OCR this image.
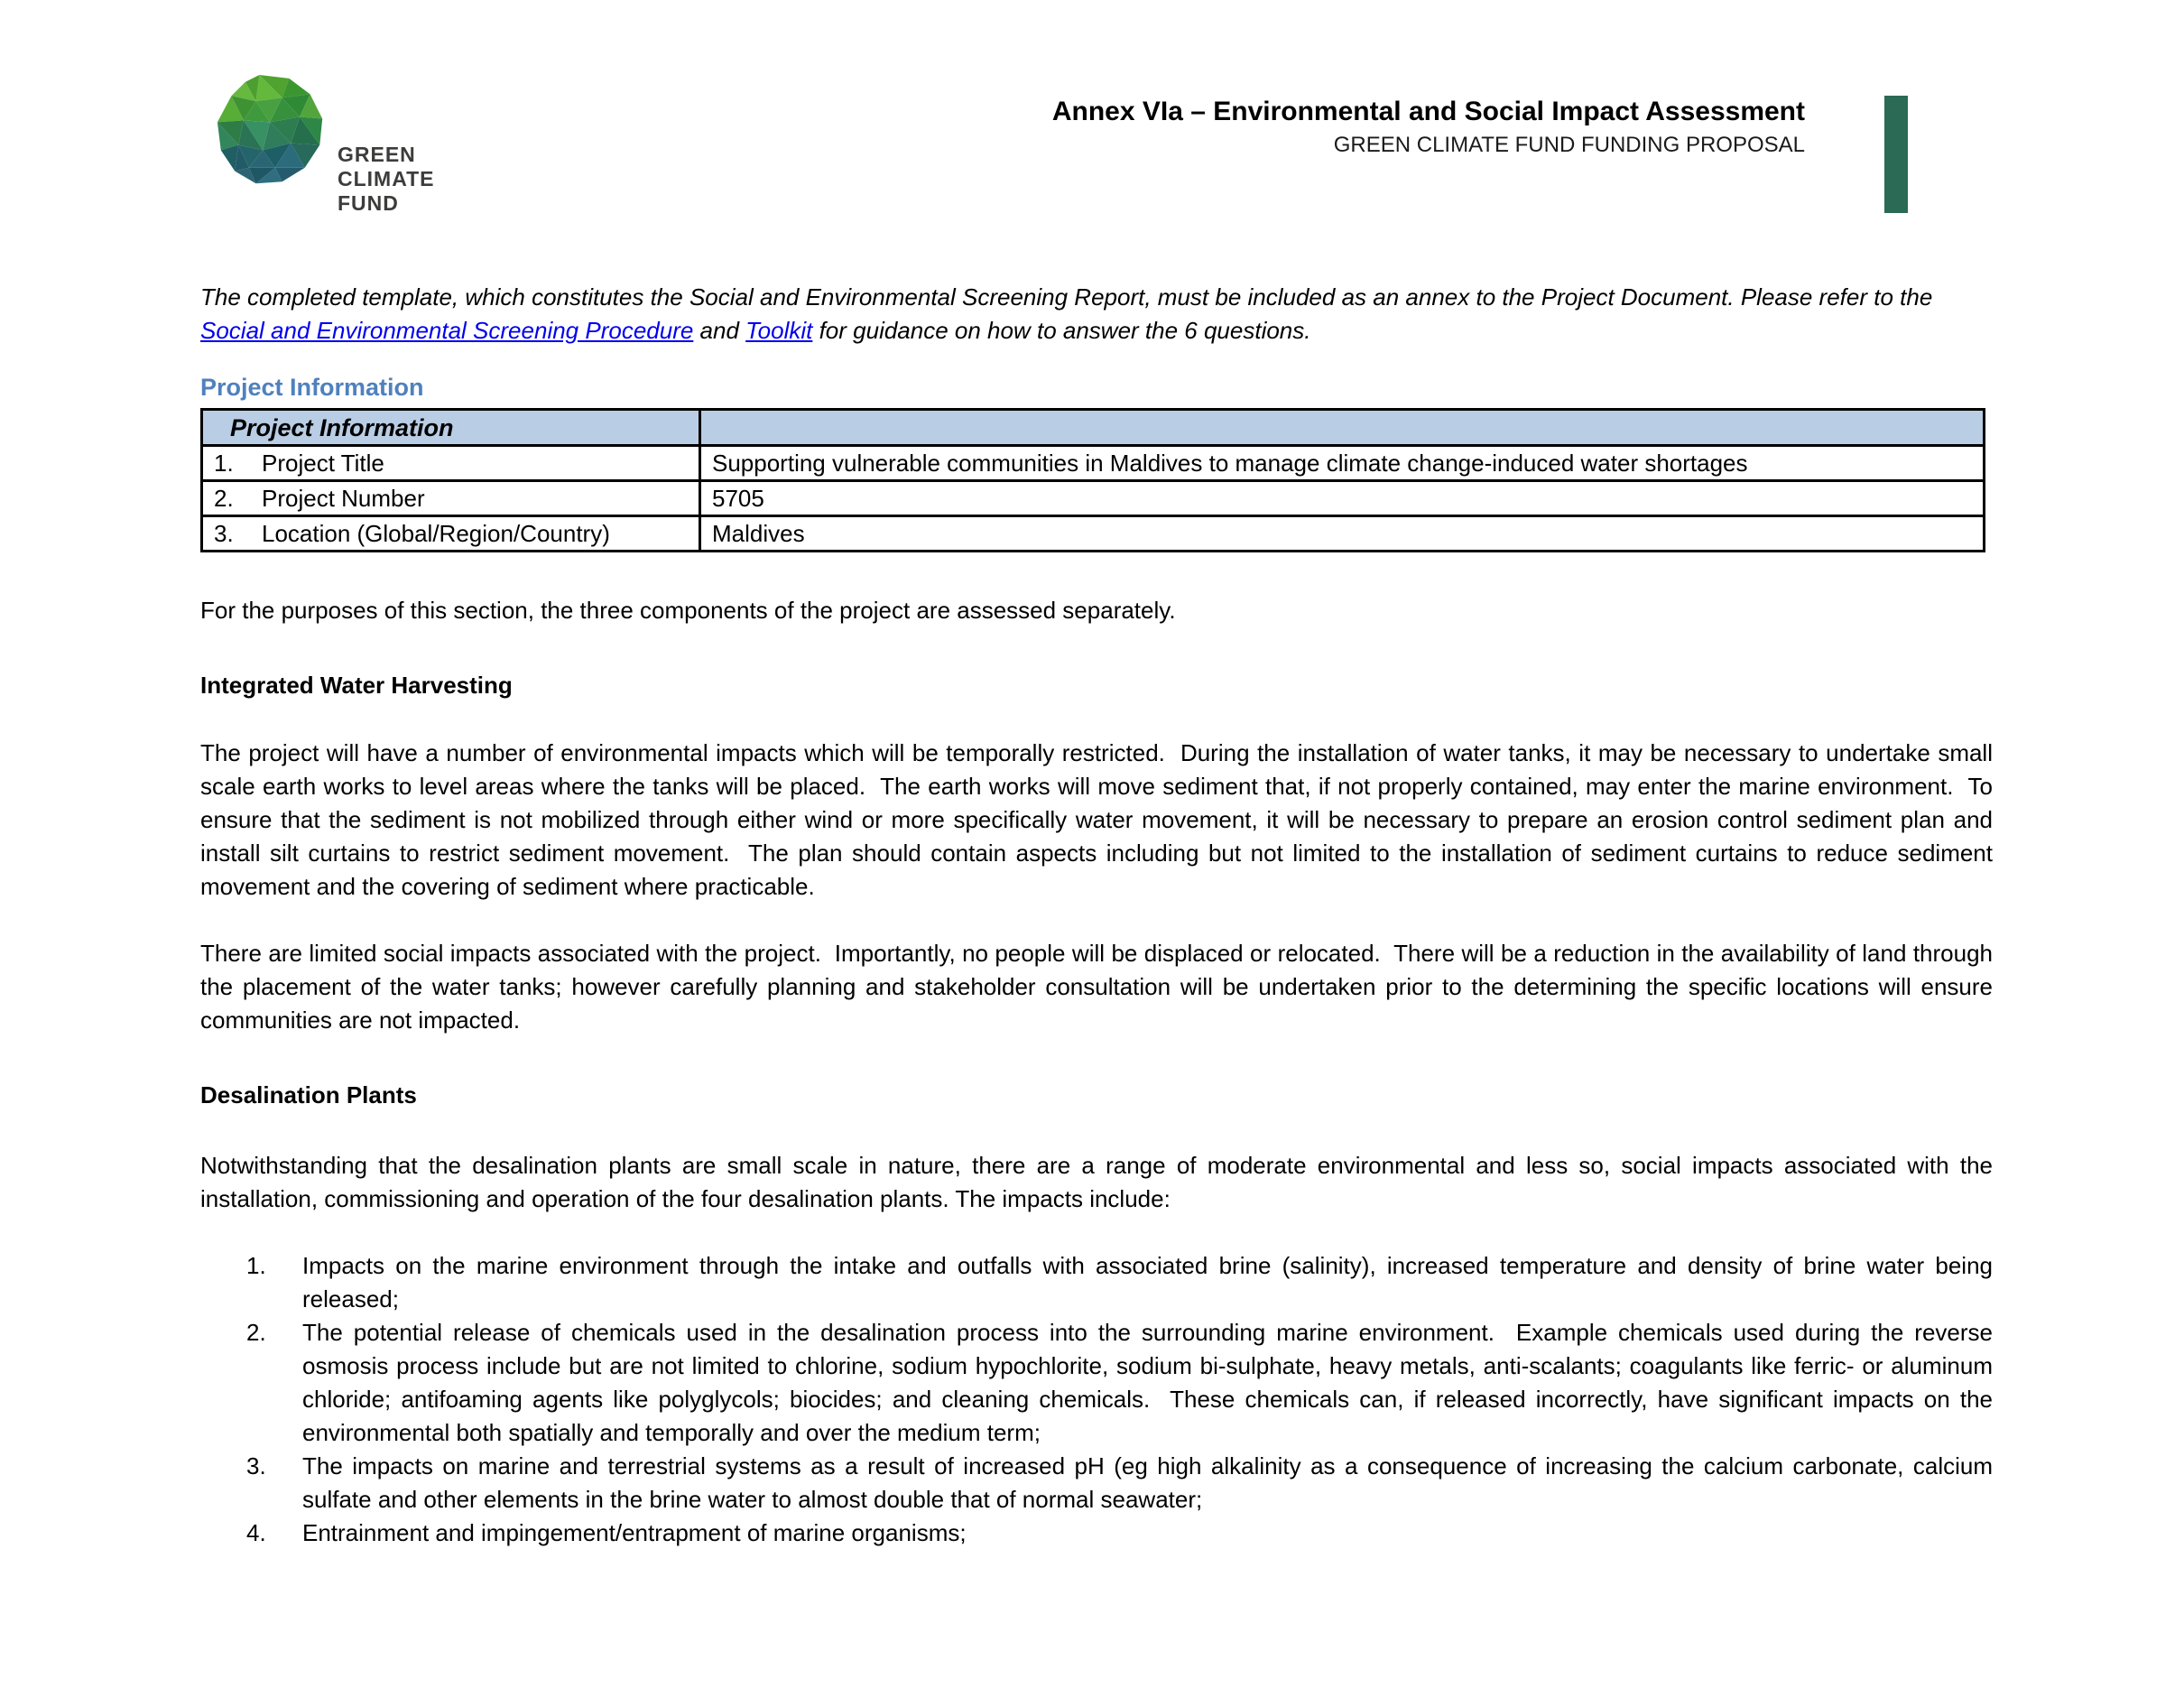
GREEN
CLIMATE
FUND
Annex VIa – Environmental and Social Impact Assessment
GREEN CLIMATE FUND FUNDING PROPOSAL

The completed template, which constitutes the Social and Environmental Screening Report, must be included as an annex to the Project Document. Please refer to the Social and Environmental Screening Procedure and Toolkit for guidance on how to answer the 6 questions.

Project Information
Project Information	
1. Project Title	Supporting vulnerable communities in Maldives to manage climate change-induced water shortages
2. Project Number	5705
3. Location (Global/Region/Country)	Maldives

For the purposes of this section, the three components of the project are assessed separately.

Integrated Water Harvesting

The project will have a number of environmental impacts which will be temporally restricted.  During the installation of water tanks, it may be necessary to undertake small scale earth works to level areas where the tanks will be placed.  The earth works will move sediment that, if not properly contained, may enter the marine environment.  To ensure that the sediment is not mobilized through either wind or more specifically water movement, it will be necessary to prepare an erosion control sediment plan and install silt curtains to restrict sediment movement.  The plan should contain aspects including but not limited to the installation of sediment curtains to reduce sediment movement and the covering of sediment where practicable.

There are limited social impacts associated with the project.  Importantly, no people will be displaced or relocated.  There will be a reduction in the availability of land through the placement of the water tanks; however carefully planning and stakeholder consultation will be undertaken prior to the determining the specific locations will ensure communities are not impacted.

Desalination Plants

Notwithstanding that the desalination plants are small scale in nature, there are a range of moderate environmental and less so, social impacts associated with the installation, commissioning and operation of the four desalination plants. The impacts include:

1. Impacts on the marine environment through the intake and outfalls with associated brine (salinity), increased temperature and density of brine water being released;
2. The potential release of chemicals used in the desalination process into the surrounding marine environment.  Example chemicals used during the reverse osmosis process include but are not limited to chlorine, sodium hypochlorite, sodium bi-sulphate, heavy metals, anti-scalants; coagulants like ferric- or aluminum chloride; antifoaming agents like polyglycols; biocides; and cleaning chemicals.  These chemicals can, if released incorrectly, have significant impacts on the environmental both spatially and temporally and over the medium term;
3. The impacts on marine and terrestrial systems as a result of increased pH (eg high alkalinity as a consequence of increasing the calcium carbonate, calcium sulfate and other elements in the brine water to almost double that of normal seawater;
4. Entrainment and impingement/entrapment of marine organisms;
